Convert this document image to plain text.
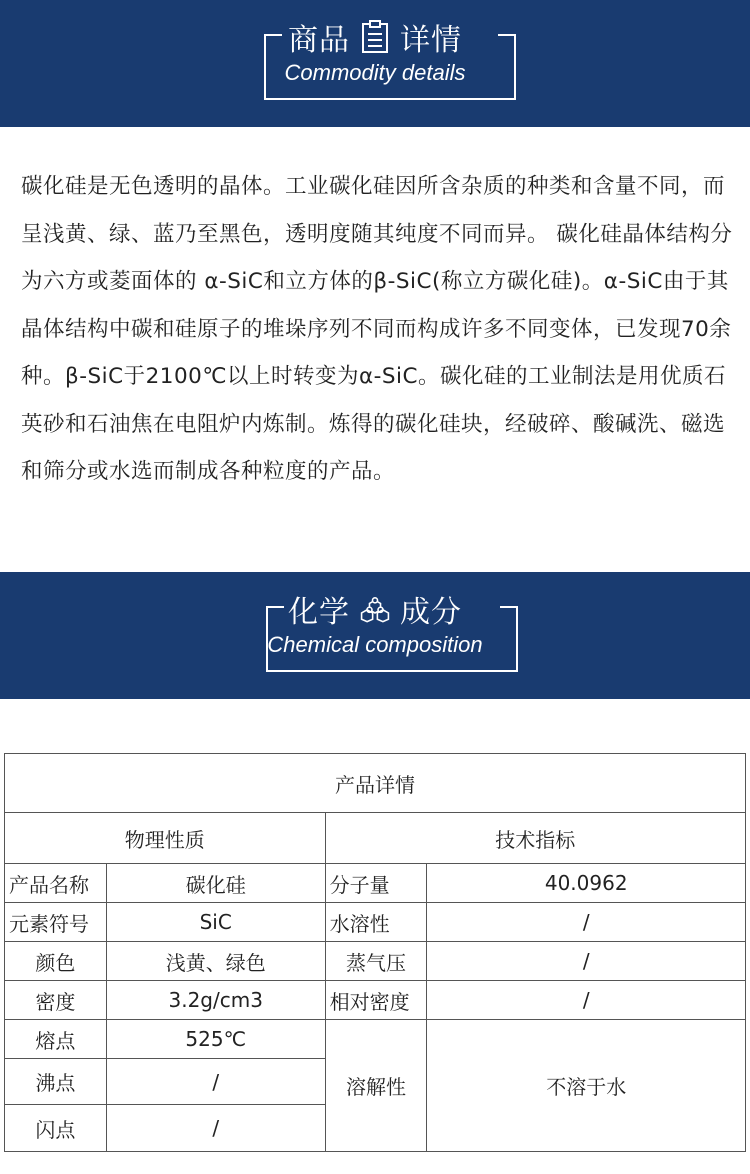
商品 详情
Commodity details

碳化硅是无色透明的晶体。工业碳化硅因所含杂质的种类和含量不同，而呈浅黄、绿、蓝乃至黑色，透明度随其纯度不同而异。 碳化硅晶体结构分为六方或菱面体的 α-SiC和立方体的β-SiC(称立方碳化硅)。α-SiC由于其晶体结构中碳和硅原子的堆垛序列不同而构成许多不同变体，已发现70余种。β-SiC于2100℃以上时转变为α-SiC。碳化硅的工业制法是用优质石英砂和石油焦在电阻炉内炼制。炼得的碳化硅块，经破碎、酸碱洗、磁选和筛分或水选而制成各种粒度的产品。

化学 成分
Chemical composition
产品详情			
物理性质		技术指标	
产品名称	碳化硅	分子量	40.0962
元素符号	SiC	水溶性	/
颜色	浅黄、绿色	蒸气压	/
密度	3.2g/cm3	相对密度	/
熔点	525℃	溶解性	不溶于水
沸点	/		
闪点	/		
